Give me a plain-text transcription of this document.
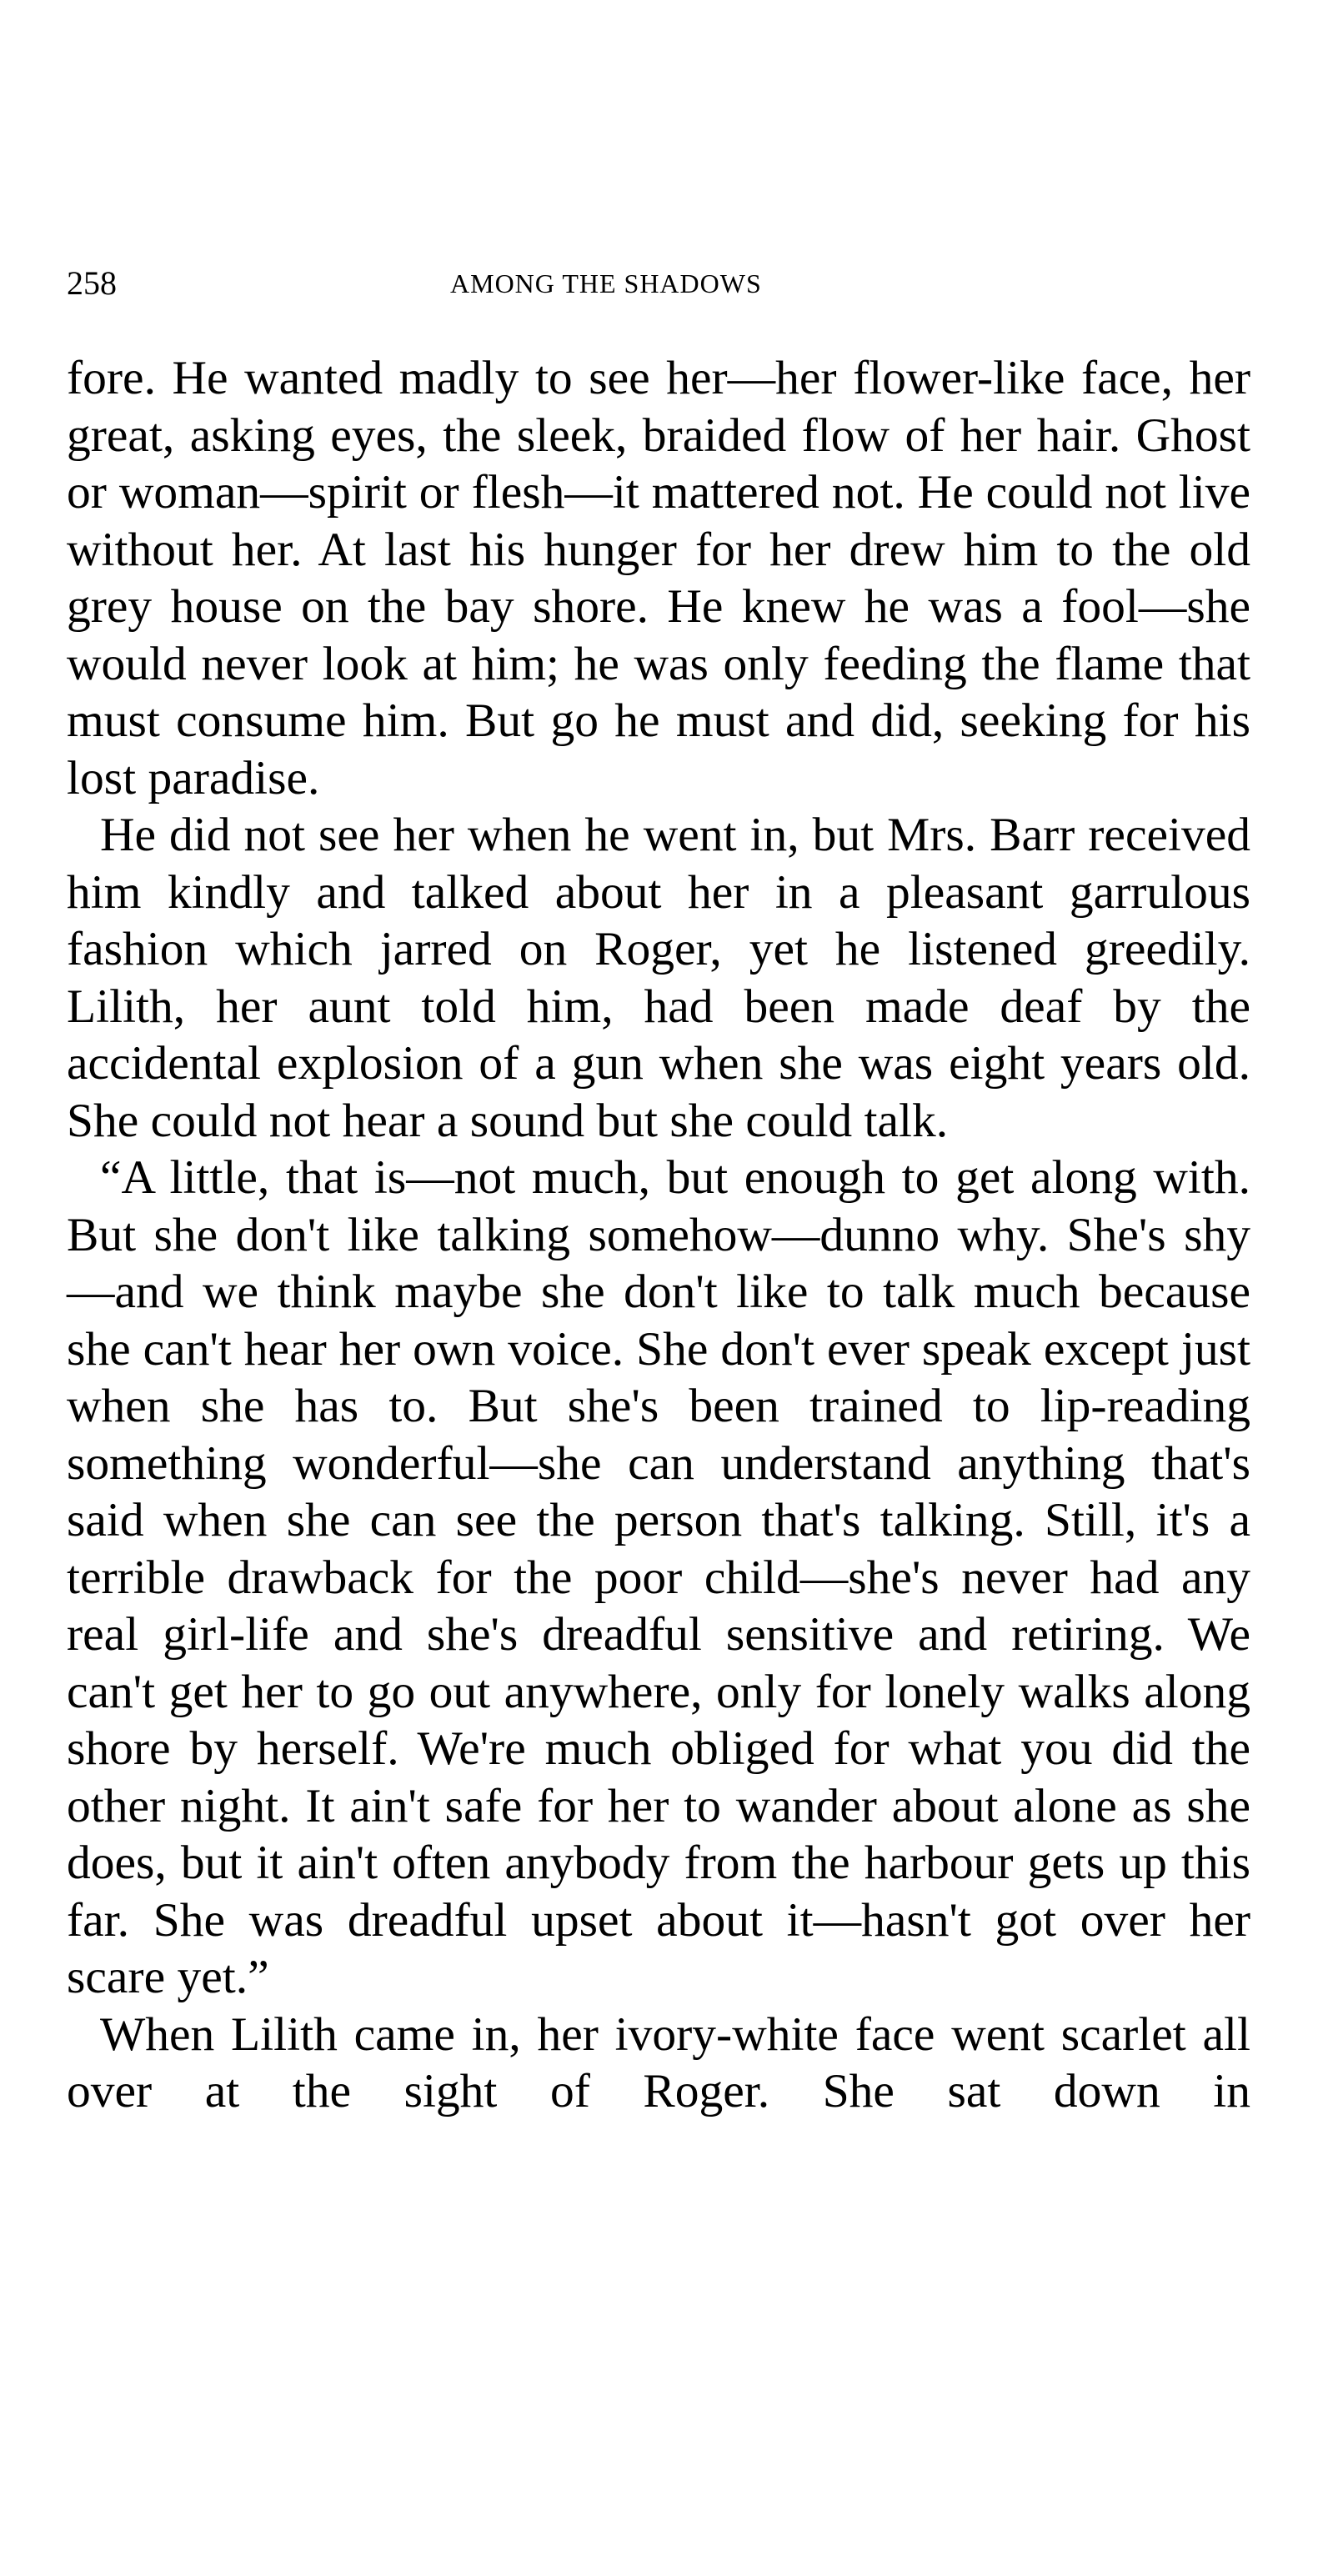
258	AMONG THE SHADOWS

fore. He wanted madly to see her—her flower-like face, her great, asking eyes, the sleek, braided flow of her hair. Ghost or woman—spirit or flesh—it mattered not. He could not live without her. At last his hunger for her drew him to the old grey house on the bay shore. He knew he was a fool—she would never look at him; he was only feeding the flame that must consume him. But go he must and did, seeking for his lost paradise.

He did not see her when he went in, but Mrs. Barr received him kindly and talked about her in a pleasant garrulous fashion which jarred on Roger, yet he listened greedily. Lilith, her aunt told him, had been made deaf by the accidental explosion of a gun when she was eight years old. She could not hear a sound but she could talk.

“A little, that is—not much, but enough to get along with. But she don't like talking somehow—dunno why. She's shy—and we think maybe she don't like to talk much because she can't hear her own voice. She don't ever speak except just when she has to. But she's been trained to lip-reading something wonderful—she can understand anything that's said when she can see the person that's talking. Still, it's a terrible drawback for the poor child—she's never had any real girl-life and she's dreadful sensitive and retiring. We can't get her to go out anywhere, only for lonely walks along shore by herself. We're much obliged for what you did the other night. It ain't safe for her to wander about alone as she does, but it ain't often anybody from the harbour gets up this far. She was dreadful upset about it—hasn't got over her scare yet.”

When Lilith came in, her ivory-white face went scarlet all over at the sight of Roger. She sat down in
